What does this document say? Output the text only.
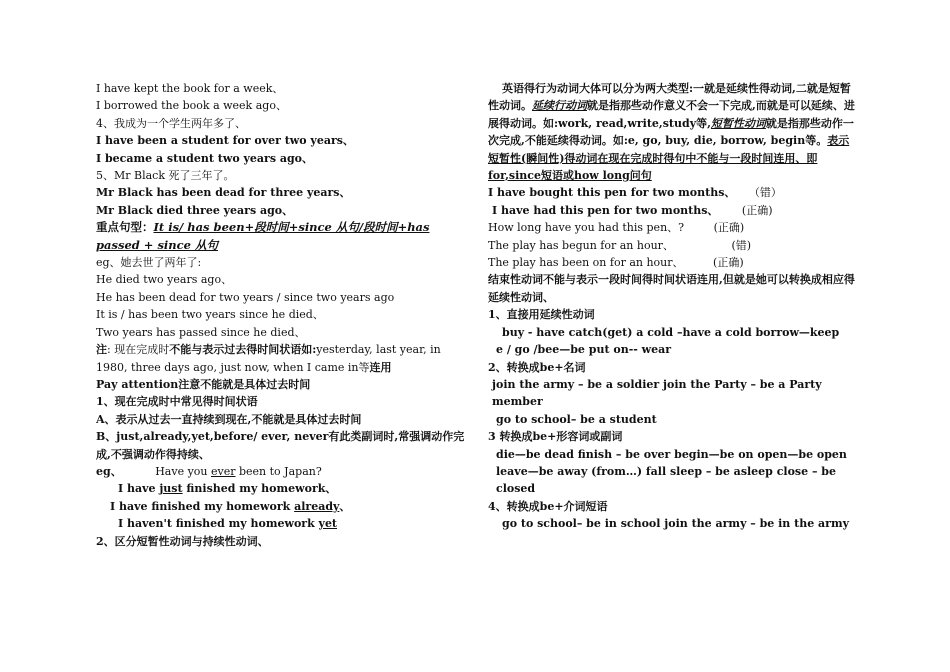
I have kept the book for a week、
I borrowed the book a week ago、
4、我成为一个学生两年多了、
I have been a student for over two years、
I became a student two years ago、
5、Mr Black 死了三年了。
Mr Black has been dead for three years、
Mr Black died three years ago、
重点句型：It is/ has been+段时间+since 从句/段时间+has passed + since 从句
eg、她去世了两年了:
He died two years ago、
He has been dead for two years / since two years ago
It is / has been two years since he died、
Two years has passed since he died、
注: 现在完成时不能与表示过去得时间状语如:yesterday, last year, in 1980, three days ago, just now, when I came in等连用
Pay attention注意不能就是具体过去时间
1、现在完成时中常见得时间状语
A、表示从过去一直持续到现在,不能就是具体过去时间
B、just,already,yet,before/ ever, never有此类副词时,常强调动作完成,不强调动作得持续、
eg、	Have you ever been to Japan?
I have just finished my homework、
I have finished my homework already、
I haven't finished my homework yet
2、区分短暂性动词与持续性动词、
英语得行为动词大体可以分为两大类型:一就是延续性得动词,二就是短暂性动词。延续行动词就是指那些动作意义不会一下完成,而就是可以延续、进展得动词。如:work, read,write,study等,短暂性动词就是指那些动作一次完成,不能延续得动词。如:e, go, buy, die, borrow, begin等。表示短暂性(瞬间性)得动词在现在完成时得句中不能与一段时间连用、即for,since短语或how long问句
I have bought this pen for two months、 （错）
I have had this pen for two months、 (正确)
How long have you had this pen、?	(正确)
The play has begun for an hour、	(错)
The play has been on for an hour、	(正确)
结束性动词不能与表示一段时间得时间状语连用,但就是她可以转换成相应得延续性动词、
1、直接用延续性动词
buy - have catch(get) a cold –have a cold borrow—keep
e / go /bee—be put on-- wear
2、转换成be+名词
join the army – be a soldier join the Party – be a Party member
go to school– be a student
3 转换成be+形容词或副词
die—be dead finish – be over begin—be on open—be open
leave—be away (from…) fall sleep – be asleep close – be closed
4、转换成be+介词短语
go to school– be in school join the army – be in the army
